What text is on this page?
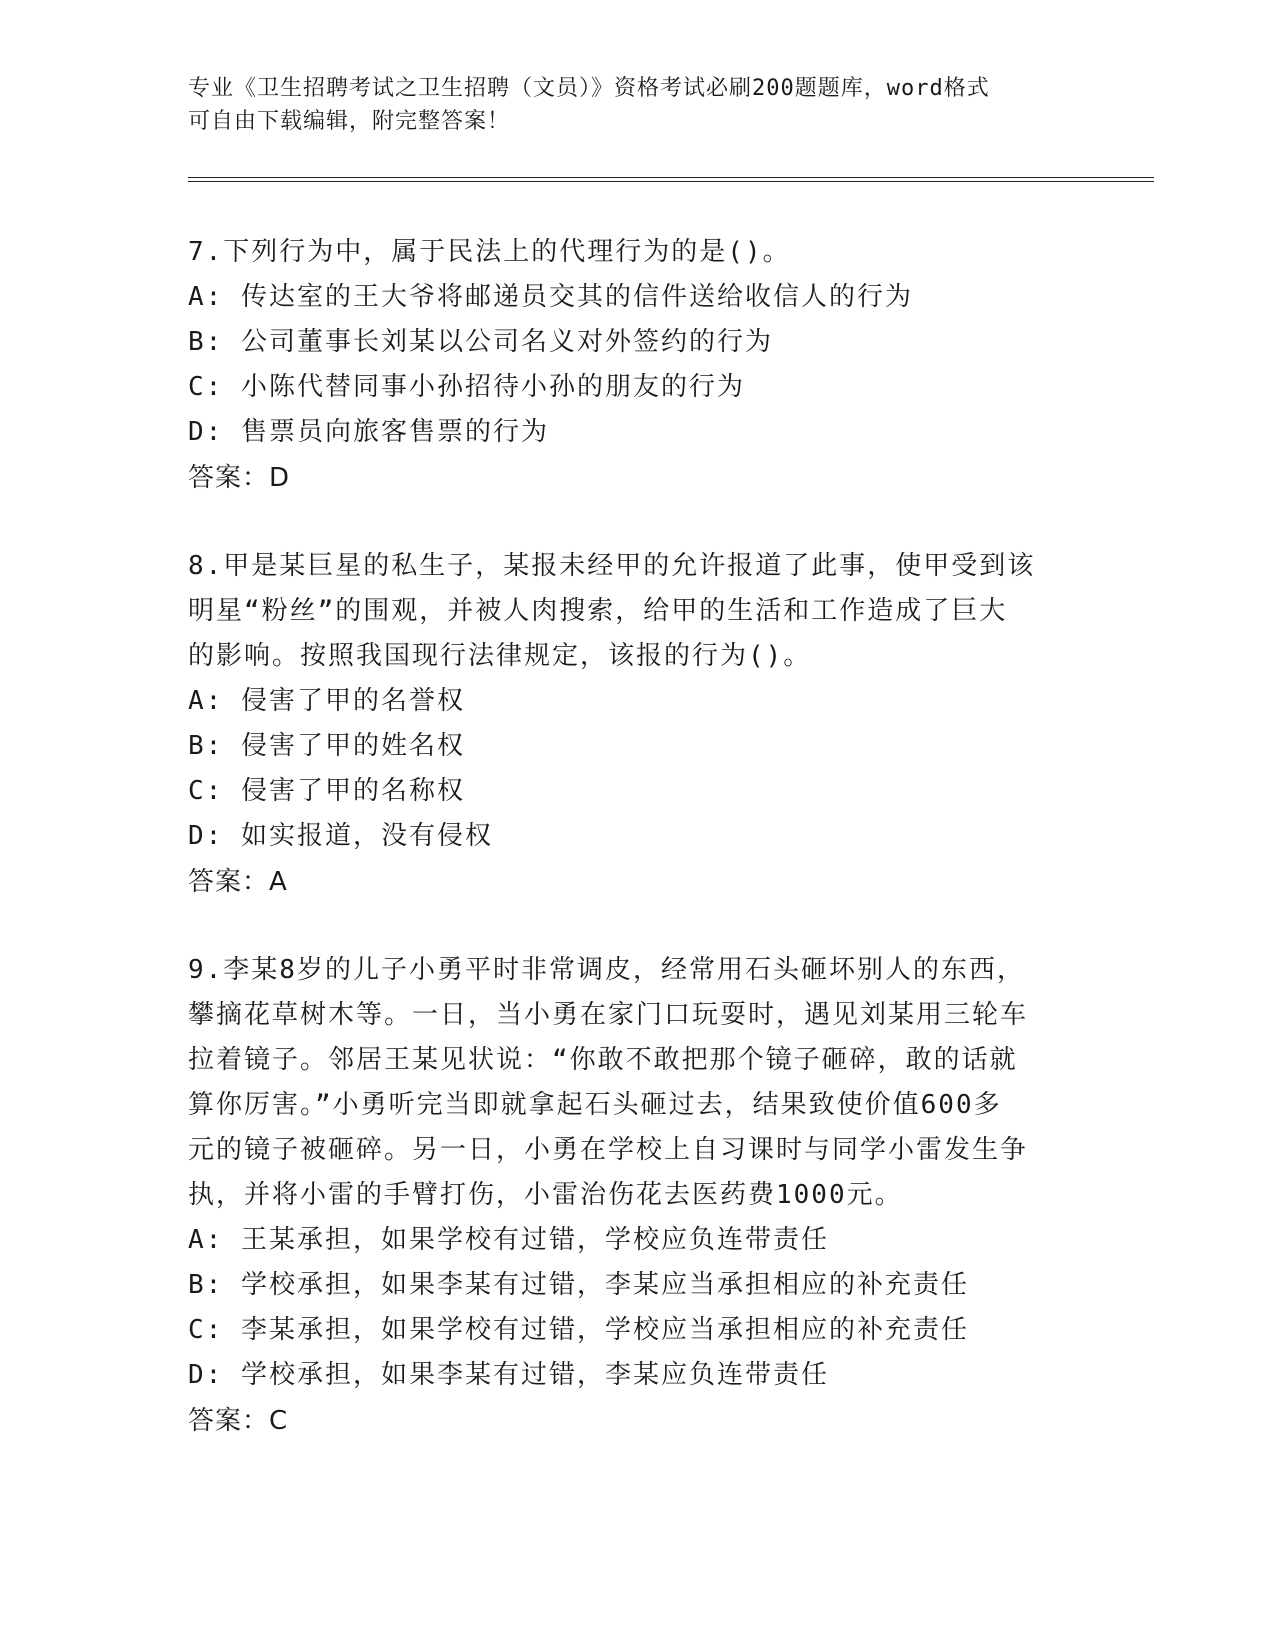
专业《卫生招聘考试之卫生招聘（文员）》资格考试必刷200题题库，word格式
可自由下载编辑，附完整答案！
7.下列行为中，属于民法上的代理行为的是()。
A: 传达室的王大爷将邮递员交其的信件送给收信人的行为
B: 公司董事长刘某以公司名义对外签约的行为
C: 小陈代替同事小孙招待小孙的朋友的行为
D: 售票员向旅客售票的行为
答案：D
8.甲是某巨星的私生子，某报未经甲的允许报道了此事，使甲受到该
明星“粉丝”的围观，并被人肉搜索，给甲的生活和工作造成了巨大
的影响。按照我国现行法律规定，该报的行为()。
A: 侵害了甲的名誉权
B: 侵害了甲的姓名权
C: 侵害了甲的名称权
D: 如实报道，没有侵权
答案：A
9.李某8岁的儿子小勇平时非常调皮，经常用石头砸坏别人的东西，
攀摘花草树木等。一日，当小勇在家门口玩耍时，遇见刘某用三轮车
拉着镜子。邻居王某见状说：“你敢不敢把那个镜子砸碎，敢的话就
算你厉害。”小勇听完当即就拿起石头砸过去，结果致使价值600多
元的镜子被砸碎。另一日，小勇在学校上自习课时与同学小雷发生争
执，并将小雷的手臂打伤，小雷治伤花去医药费1000元。
A: 王某承担，如果学校有过错，学校应负连带责任
B: 学校承担，如果李某有过错，李某应当承担相应的补充责任
C: 李某承担，如果学校有过错，学校应当承担相应的补充责任
D: 学校承担，如果李某有过错，李某应负连带责任
答案：C
